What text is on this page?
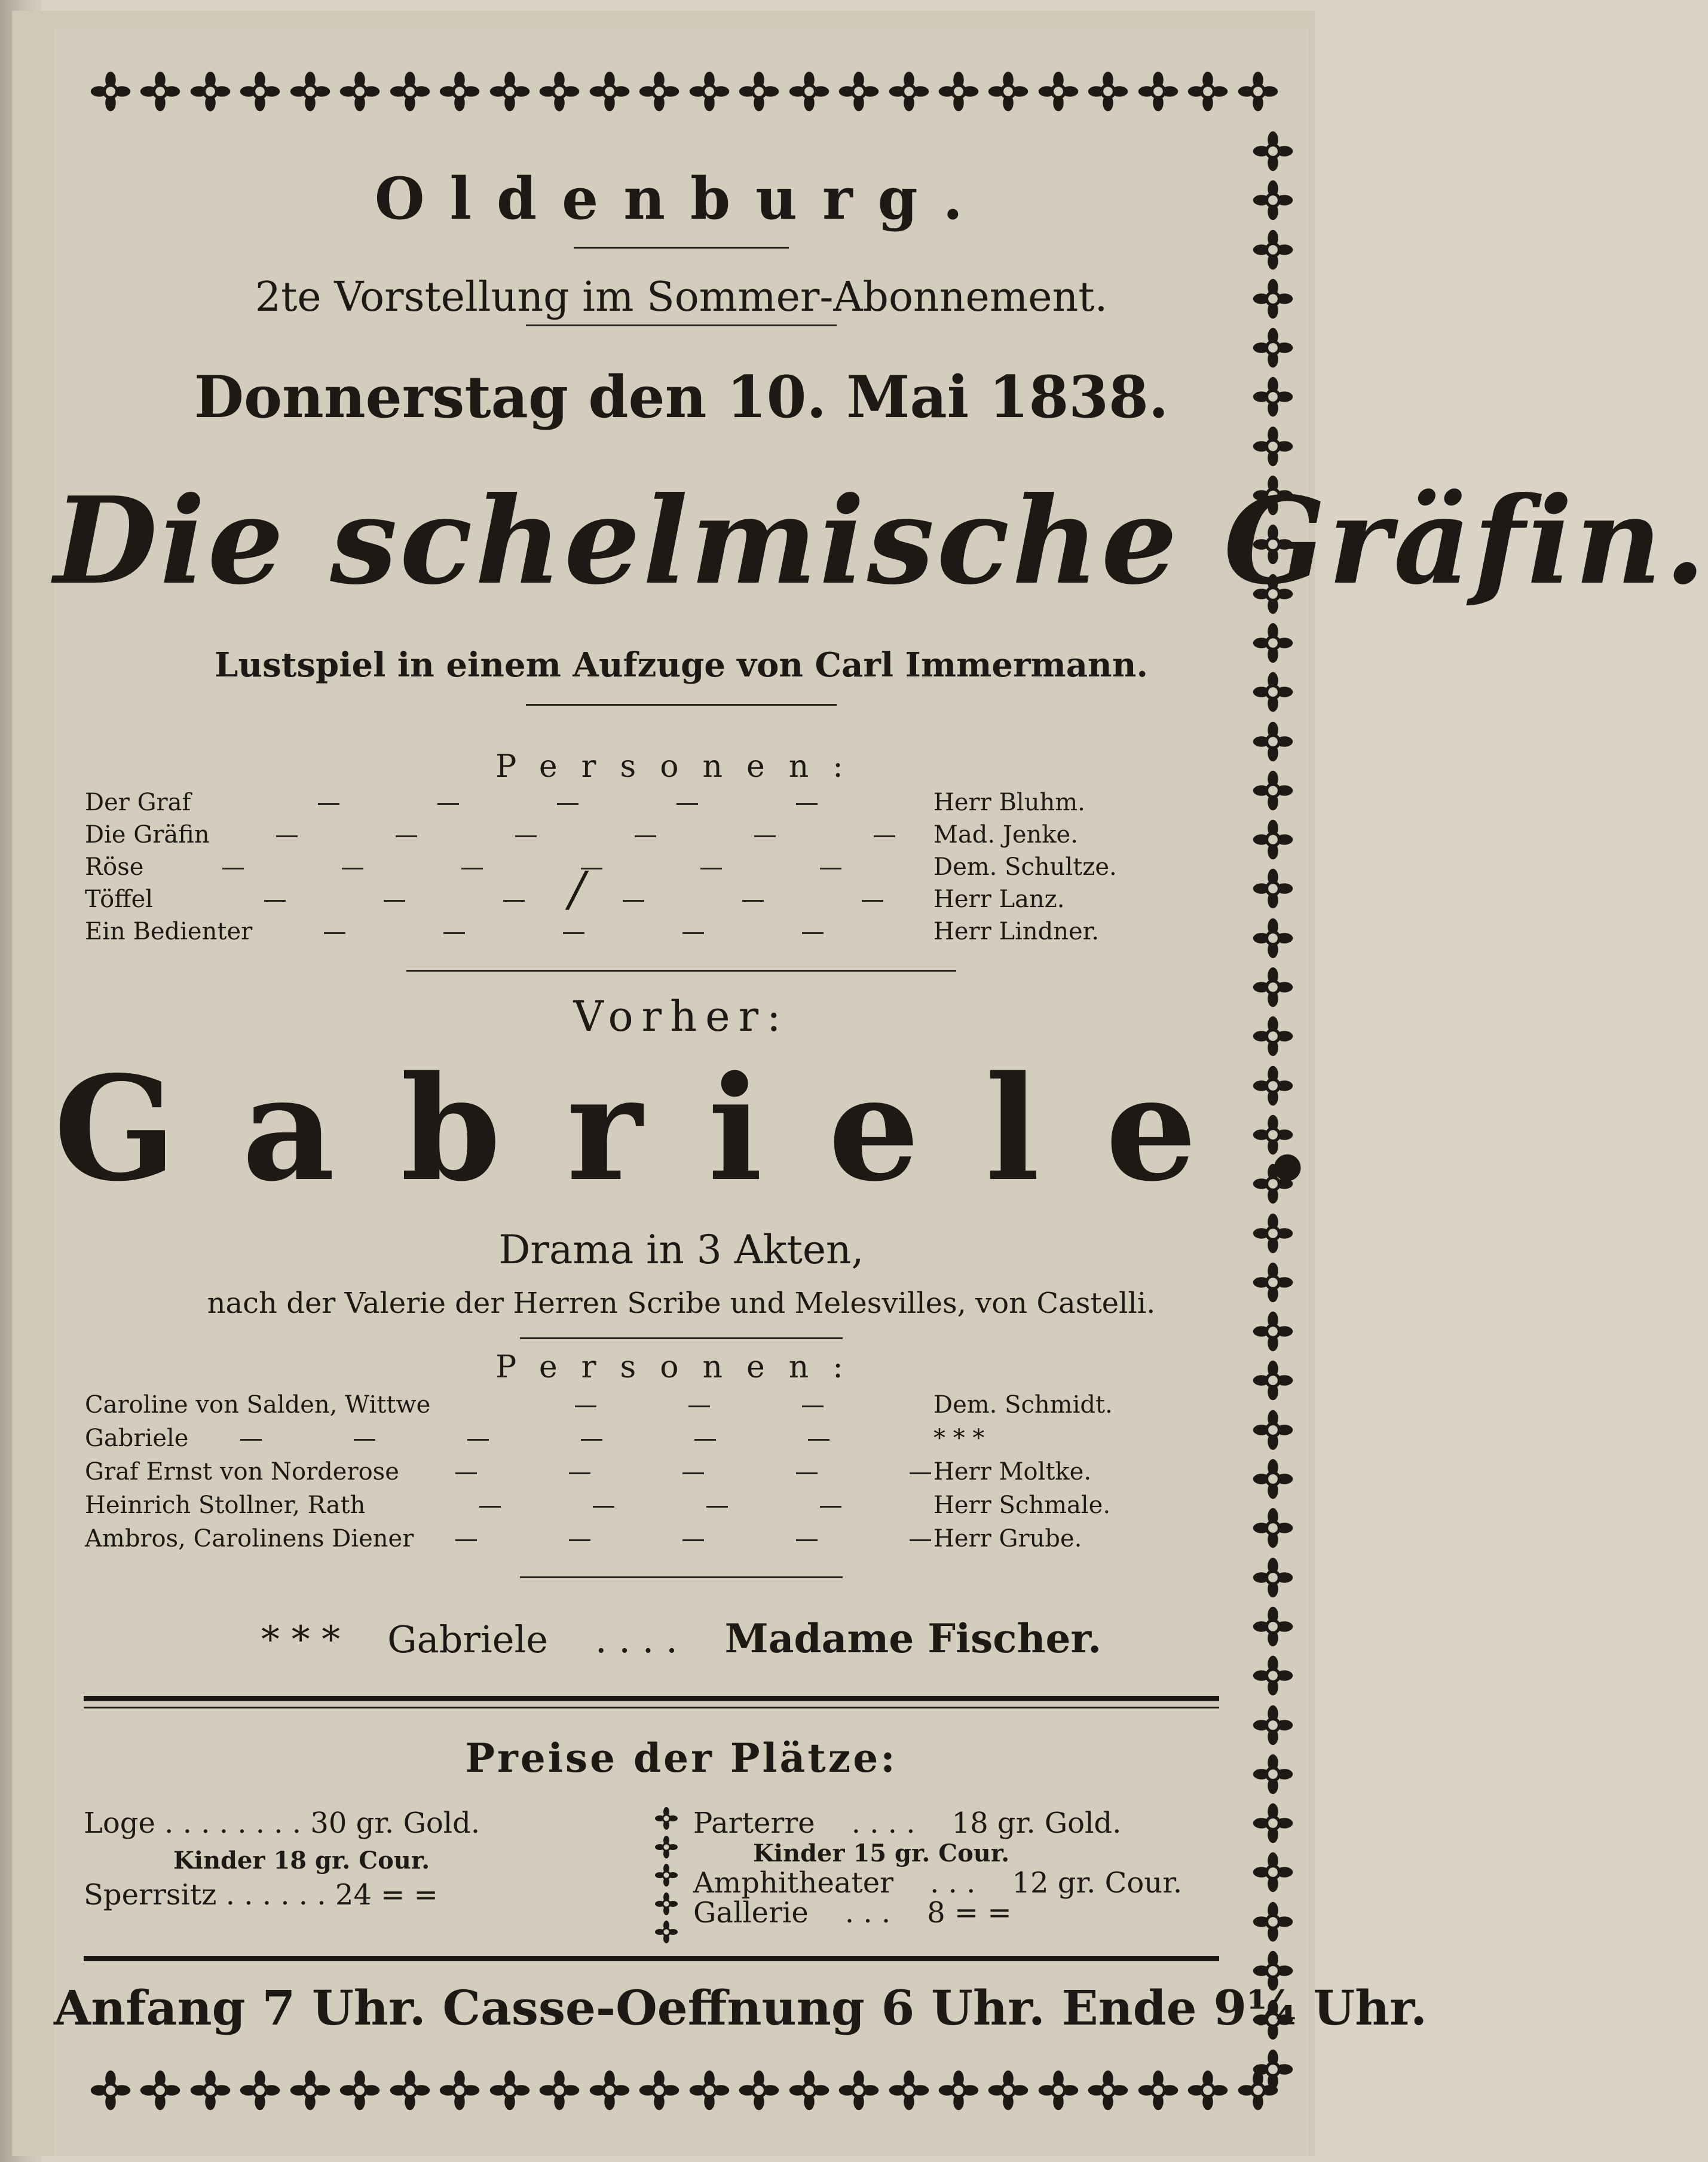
Oldenburg.
2te Vorstellung im Sommer-Abonnement.
Donnerstag den 10. Mai 1838.
Die schelmische Gräfin.
Lustspiel in einem Aufzuge von Carl Immermann.
Personen:
Der Graf	Herr Bluhm.
Die Gräfin	Mad. Jenke.
Röse	Dem. Schultze.
Töffel	Herr Lanz.
Ein Bedienter	Herr Lindner.
/
Vorher:
Gabriele.
Drama in 3 Akten,
nach der Valerie der Herren Scribe und Melesvilles, von Castelli.
Personen:
Caroline von Salden, Wittwe	Dem. Schmidt.
Gabriele	* * *
Graf Ernst von Norderose	Herr Moltke.
Heinrich Stollner, Rath	Herr Schmale.
Ambros, Carolinens Diener	Herr Grube.
* * * Gabriele . . . . Madame Fischer.
Preise der Plätze:
Loge . . . . . . . . 30 gr. Gold.
Kinder 18 gr. Cour.
Sperrsitz . . . . . . 24 = =
Parterre . . . . 18 gr. Gold.
Kinder 15 gr. Cour.
Amphitheater . . . 12 gr. Cour.
Gallerie . . . 8 = =
Anfang 7 Uhr. Casse-Oeffnung 6 Uhr. Ende 9¼ Uhr.
